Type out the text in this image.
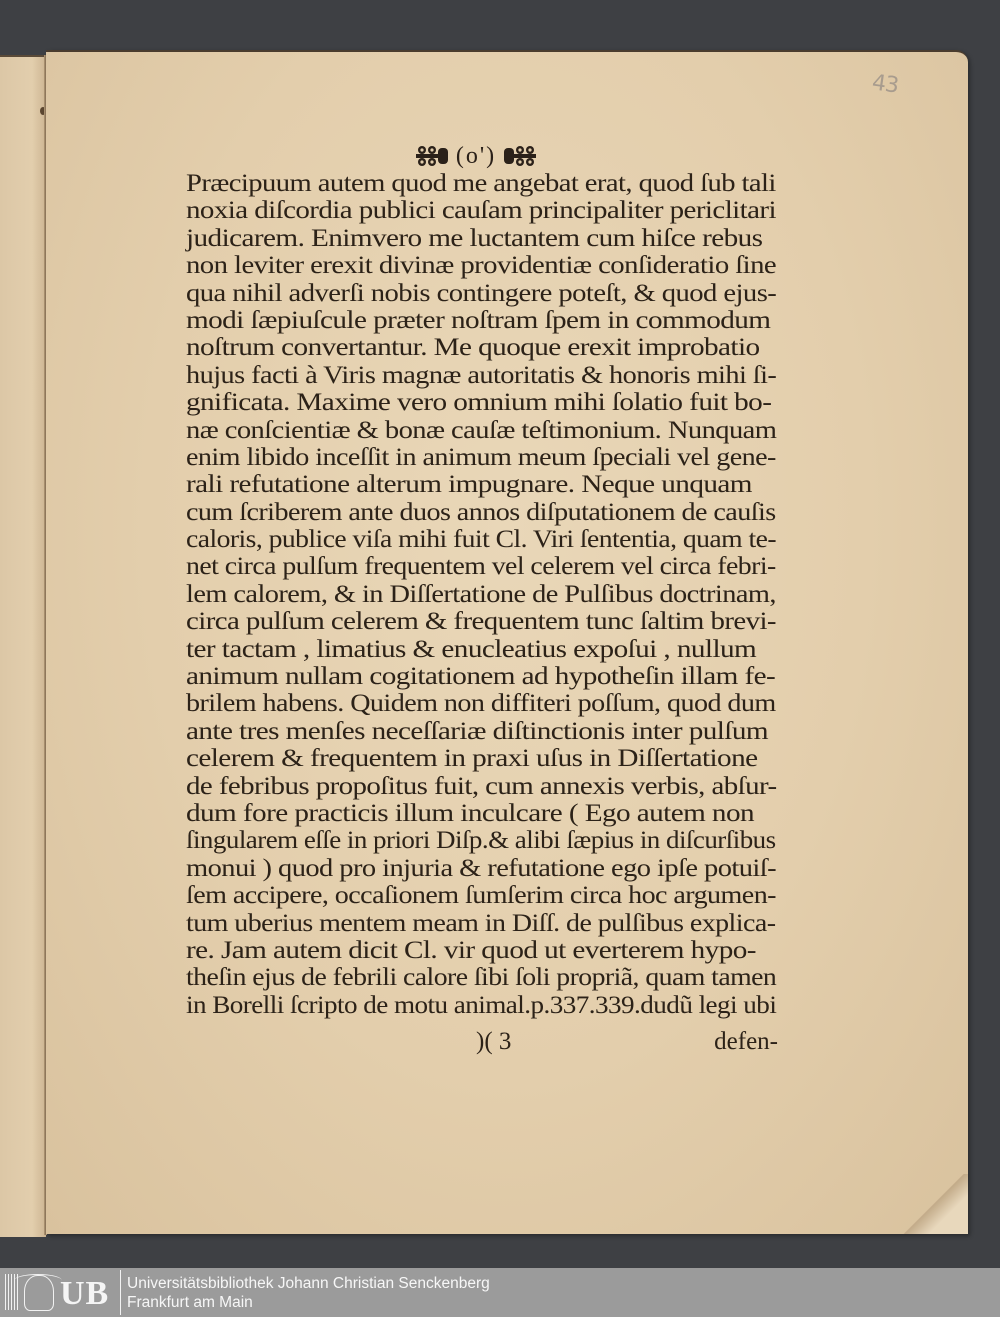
43
(o')
Præcipuum autem quod me angebat erat, quod ſub tali
noxia diſcordia publici cauſam principaliter periclitari
judicarem. Enimvero me luctantem cum hiſce rebus
non leviter erexit divinæ providentiæ conſideratio ſine
qua nihil adverſi nobis contingere poteſt, & quod ejus-
modi ſæpiuſcule præter noſtram ſpem in commodum
noſtrum convertantur. Me quoque erexit improbatio
hujus facti à Viris magnæ autoritatis & honoris mihi ſi-
gnificata. Maxime vero omnium mihi ſolatio fuit bo-
næ conſcientiæ & bonæ cauſæ teſtimonium. Nunquam
enim libido inceſſit in animum meum ſpeciali vel gene-
rali refutatione alterum impugnare. Neque unquam
cum ſcriberem ante duos annos diſputationem de cauſis
caloris, publice viſa mihi fuit Cl. Viri ſententia, quam te-
net circa pulſum frequentem vel celerem vel circa febri-
lem calorem, & in Diſſertatione de Pulſibus doctrinam,
circa pulſum celerem & frequentem tunc ſaltim brevi-
ter tactam , limatius & enucleatius expoſui , nullum
animum nullam cogitationem ad hypotheſin illam fe-
brilem habens. Quidem non diffiteri poſſum, quod dum
ante tres menſes neceſſariæ diſtinctionis inter pulſum
celerem & frequentem in praxi uſus in Diſſertatione
de febribus propoſitus fuit, cum annexis verbis, abſur-
dum fore practicis illum inculcare ( Ego autem non
ſingularem eſſe in priori Diſp.& alibi ſæpius in diſcurſibus
monui ) quod pro injuria & refutatione ego ipſe potuiſ-
ſem accipere, occaſionem ſumſerim circa hoc argumen-
tum uberius mentem meam in Diſſ. de pulſibus explica-
re. Jam autem dicit Cl. vir quod ut everterem hypo-
theſin ejus de febrili calore ſibi ſoli propriã, quam tamen
in Borelli ſcripto de motu animal.p.337.339.dudũ legi ubi
)( 3	defen-
UB Universitätsbibliothek Johann Christian Senckenberg
Frankfurt am Main
